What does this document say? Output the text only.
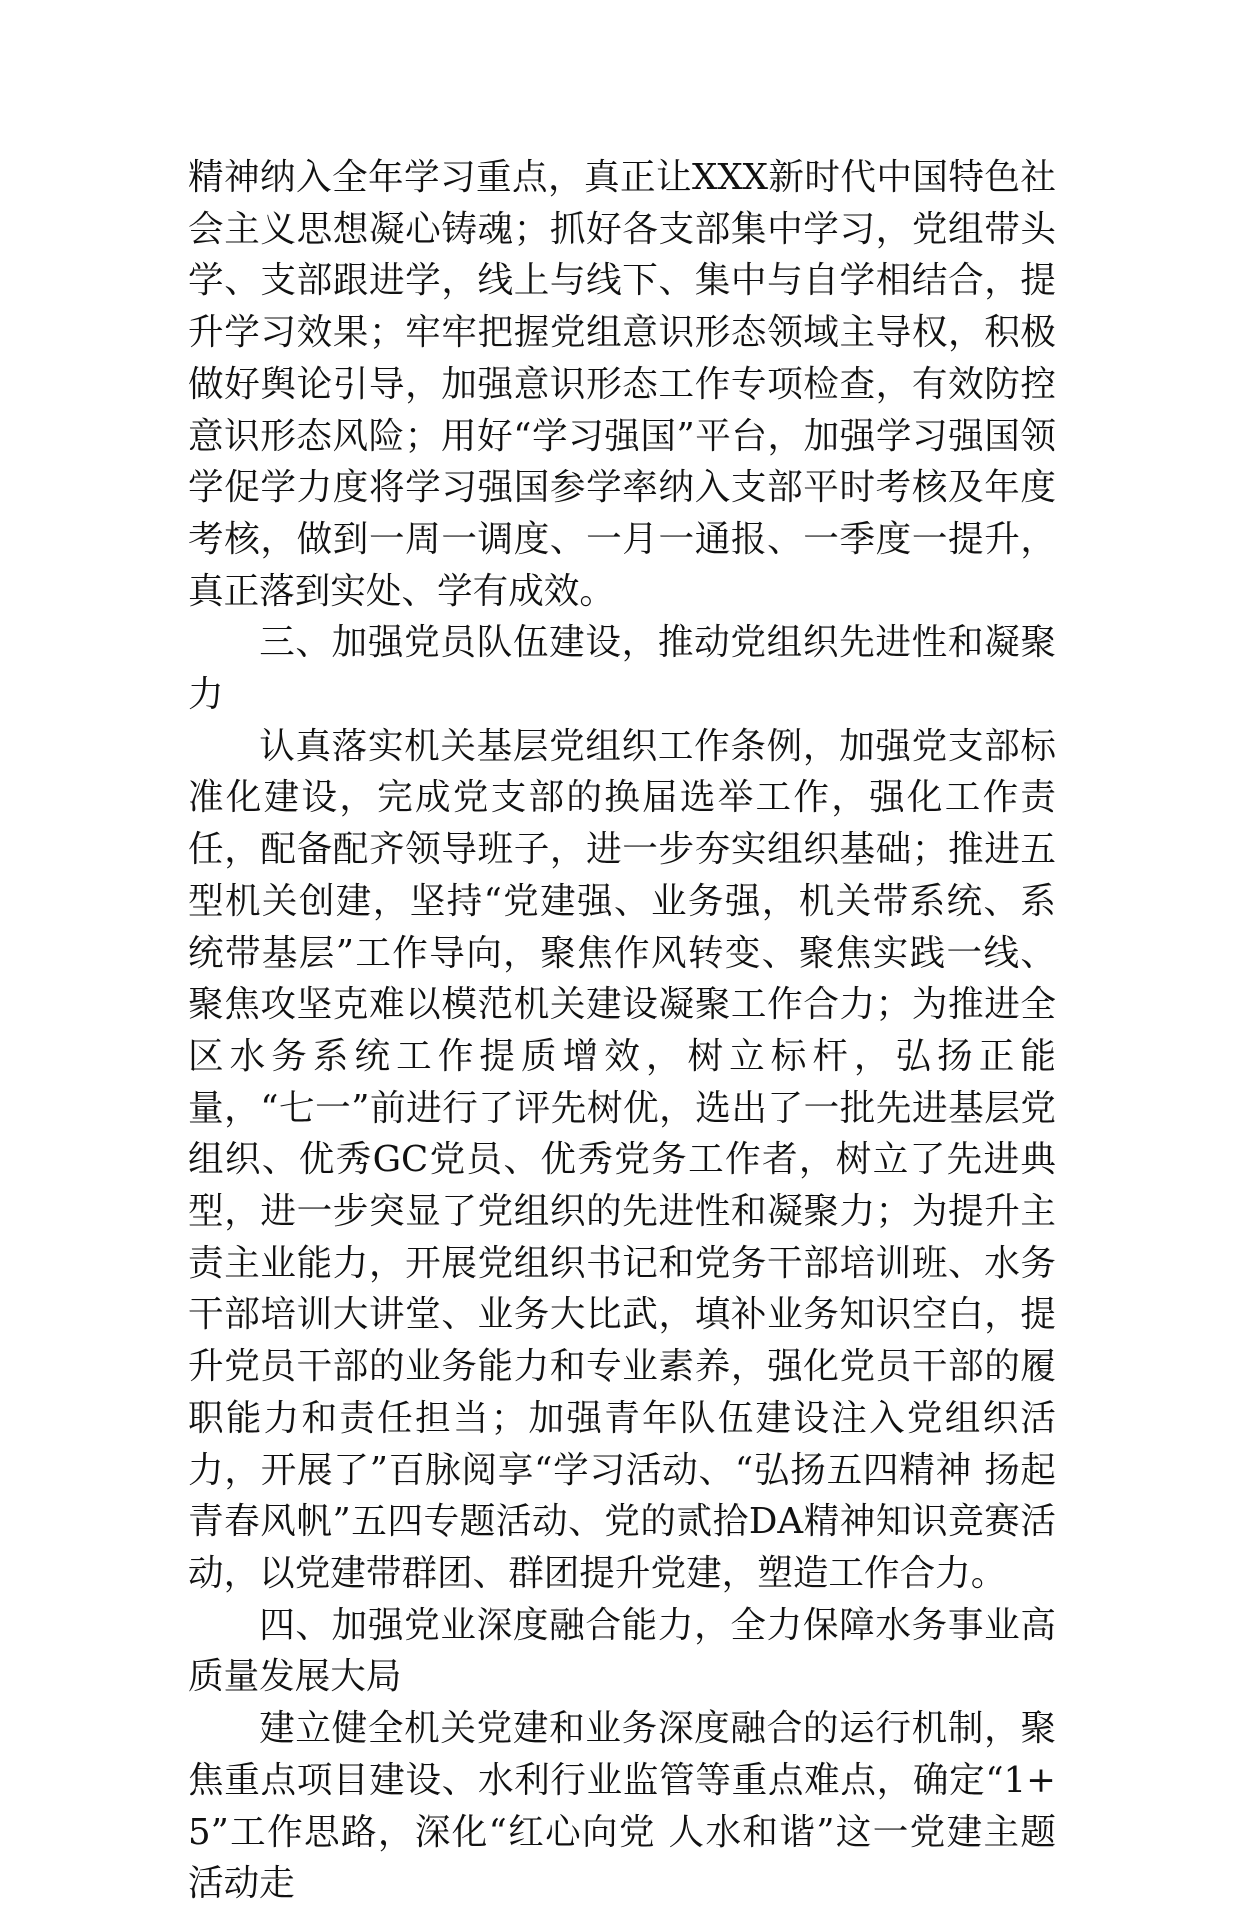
精神纳入全年学习重点，真正让XXX新时代中国特色社会主义思想凝心铸魂；抓好各支部集中学习，党组带头学、支部跟进学，线上与线下、集中与自学相结合，提升学习效果；牢牢把握党组意识形态领域主导权，积极做好舆论引导，加强意识形态工作专项检查，有效防控意识形态风险；用好“学习强国”平台，加强学习强国领学促学力度将学习强国参学率纳入支部平时考核及年度考核，做到一周一调度、一月一通报、一季度一提升，真正落到实处、学有成效。

三、加强党员队伍建设，推动党组织先进性和凝聚力

认真落实机关基层党组织工作条例，加强党支部标准化建设，完成党支部的换届选举工作，强化工作责任，配备配齐领导班子，进一步夯实组织基础；推进五型机关创建，坚持“党建强、业务强，机关带系统、系统带基层”工作导向，聚焦作风转变、聚焦实践一线、聚焦攻坚克难以模范机关建设凝聚工作合力；为推进全区水务系统工作提质增效，树立标杆，弘扬正能量，“七一”前进行了评先树优，选出了一批先进基层党组织、优秀GC党员、优秀党务工作者，树立了先进典型，进一步突显了党组织的先进性和凝聚力；为提升主责主业能力，开展党组织书记和党务干部培训班、水务干部培训大讲堂、业务大比武，填补业务知识空白，提升党员干部的业务能力和专业素养，强化党员干部的履职能力和责任担当；加强青年队伍建设注入党组织活力，开展了”百脉阅享“学习活动、“弘扬五四精神 扬起青春风帆”五四专题活动、党的贰拾DA精神知识竞赛活动，以党建带群团、群团提升党建，塑造工作合力。

四、加强党业深度融合能力，全力保障水务事业高质量发展大局

建立健全机关党建和业务深度融合的运行机制，聚焦重点项目建设、水利行业监管等重点难点，确定“1+5”工作思路，深化“红心向党 人水和谐”这一党建主题活动走
